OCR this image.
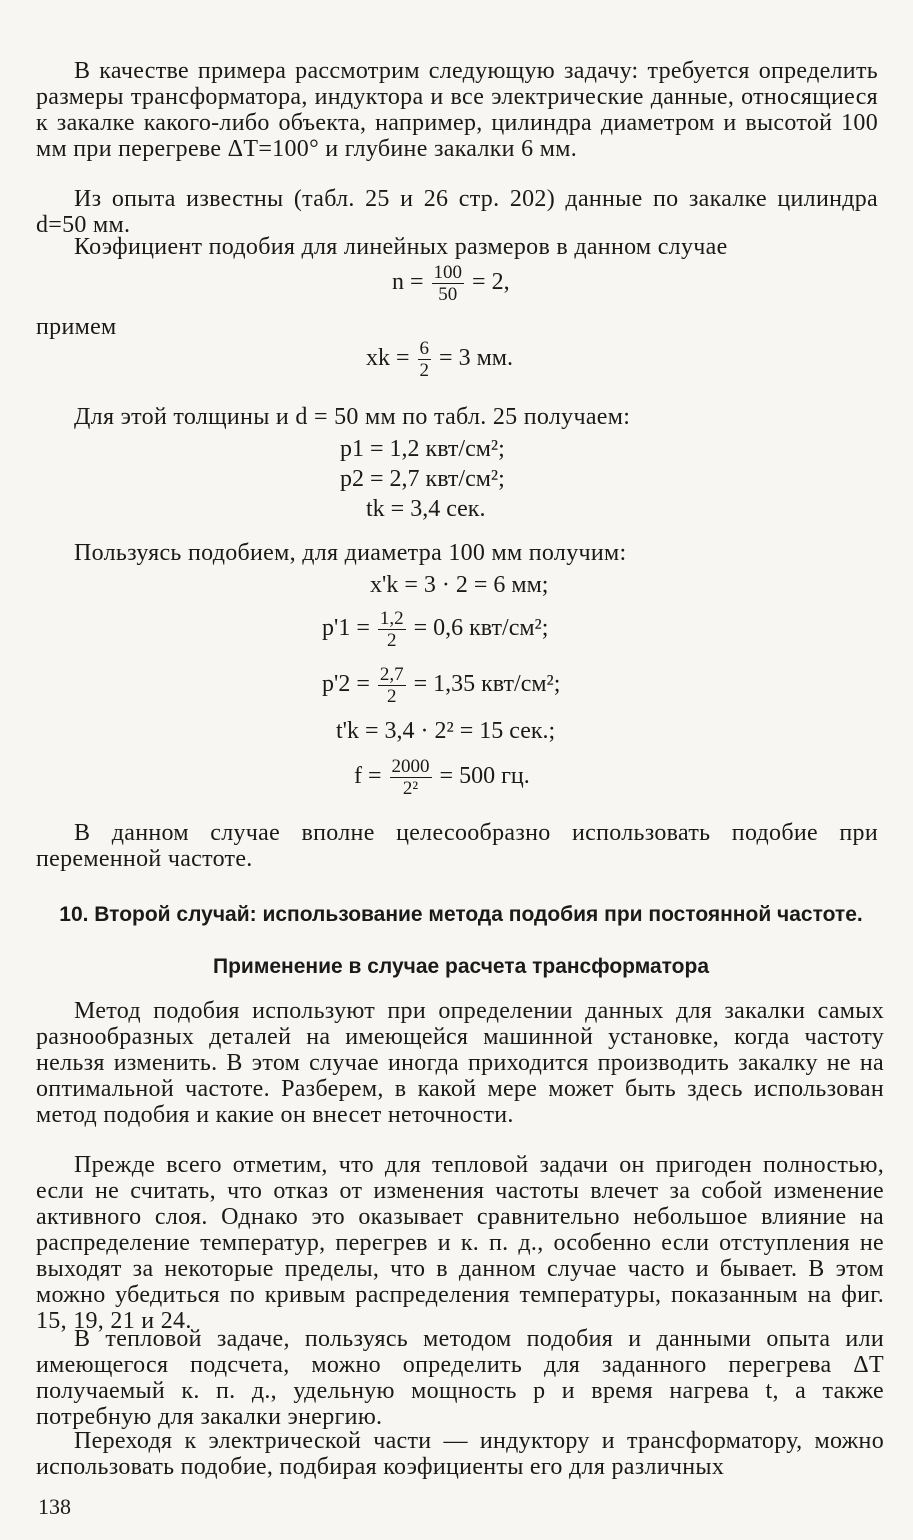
В качестве примера рассмотрим следующую задачу: требуется определить размеры трансформатора, индуктора и все электрические данные, относящиеся к закалке какого-либо объекта, например, цилиндра диаметром и высотой 100 мм при перегреве ΔT=100° и глубине закалки 6 мм.

Из опыта известны (табл. 25 и 26 стр. 202) данные по закалке цилиндра d=50 мм.

Коэфициент подобия для линейных размеров в данном случае

$n = \frac{100}{50} = 2$,
примем
xk = $\frac{6}{2} = 3$ мм.

Для этой толщины и d = 50 мм по табл. 25 получаем:

p1 = 1,2 квт/см²;
p2 = 2,7 квт/см²;
tk = 3,4 сек.

Пользуясь подобием, для диаметра 100 мм получим:

x'k = 3 · 2 = 6 мм;
$p'1 = \frac{1,2}{2} = 0,6$ квт/см²;
$p'2 = \frac{2,7}{2} = 1,35$ квт/см²;
t'k = 3,4 · 2² = 15 сек.;
$f = \frac{2000}{\text{2²}} = 500$ гц.

В данном случае вполне целесообразно использовать подобие при переменной частоте.

10. Второй случай: использование метода подобия при постоянной частоте.

Применение в случае расчета трансформатора

Метод подобия используют при определении данных для закалки самых разнообразных деталей на имеющейся машинной установке, когда частоту нельзя изменить. В этом случае иногда приходится производить закалку не на оптимальной частоте. Разберем, в какой мере может быть здесь использован метод подобия и какие он внесет неточности.

Прежде всего отметим, что для тепловой задачи он пригоден полностью, если не считать, что отказ от изменения частоты влечет за собой изменение активного слоя. Однако это оказывает сравнительно небольшое влияние на распределение температур, перегрев и к. п. д., особенно если отступления не выходят за некоторые пределы, что в данном случае часто и бывает. В этом можно убедиться по кривым распределения температуры, показанным на фиг. 15, 19, 21 и 24.

В тепловой задаче, пользуясь методом подобия и данными опыта или имеющегося подсчета, можно определить для заданного перегрева ΔT получаемый к. п. д., удельную мощность p и время нагрева t, а также потребную для закалки энергию.

Переходя к электрической части — индуктору и трансформатору, можно использовать подобие, подбирая коэфициенты его для различных

138
